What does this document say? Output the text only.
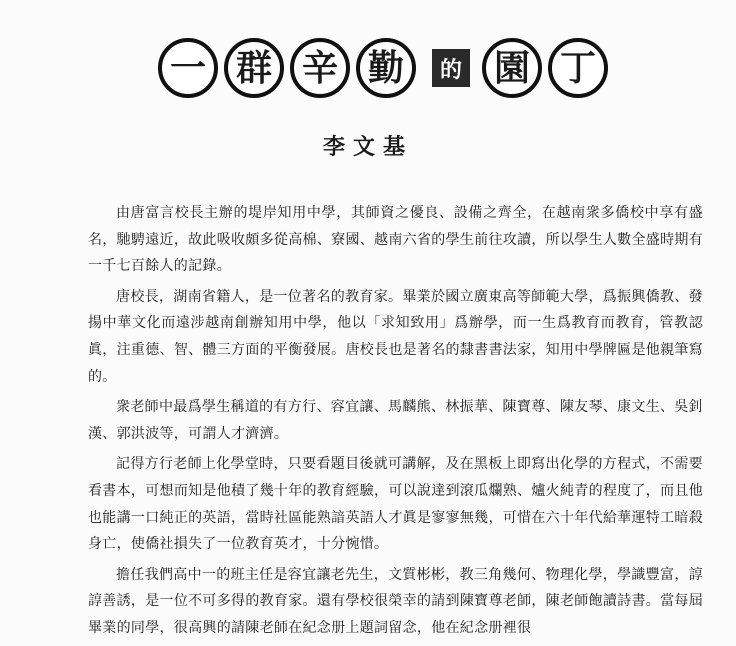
一 群 辛 勤	的 園 丁
李文基

由唐富言校長主辦的堤岸知用中學，其師資之優良、設備之齊全，在越南衆多僑校中享有盛名，馳騁遠近，故此吸收頗多從高棉、寮國、越南六省的學生前往攻讀，所以學生人數全盛時期有一千七百餘人的記錄。

唐校長，湖南省籍人，是一位著名的教育家。畢業於國立廣東高等師範大學，爲振興僑教、發揚中華文化而遠涉越南創辦知用中學，他以「求知致用」爲辦學，而一生爲教育而教育，管教認眞，注重德、智、體三方面的平衡發展。唐校長也是著名的隸書書法家，知用中學牌匾是他親筆寫的。

衆老師中最爲學生稱道的有方行、容宜讓、馬麟熊、林振華、陳寶尊、陳友琴、康文生、吳釗漢、郭洪波等，可謂人才濟濟。

記得方行老師上化學堂時，只要看題目後就可講解，及在黑板上即寫出化學的方程式，不需要看書本，可想而知是他積了幾十年的教育經驗，可以說達到滾瓜爛熟、爐火純青的程度了，而且他也能講一口純正的英語，當時社區能熟諳英語人才眞是寥寥無幾，可惜在六十年代給華運特工暗殺身亡，使僑社損失了一位教育英才，十分惋惜。

擔任我們高中一的班主任是容宜讓老先生，文質彬彬，教三角幾何、物理化學，學識豐富，諄諄善誘，是一位不可多得的教育家。還有學校很榮幸的請到陳寶尊老師，陳老師飽讀詩書。當每屆畢業的同學，很高興的請陳老師在紀念册上題詞留念，他在紀念册裡很
